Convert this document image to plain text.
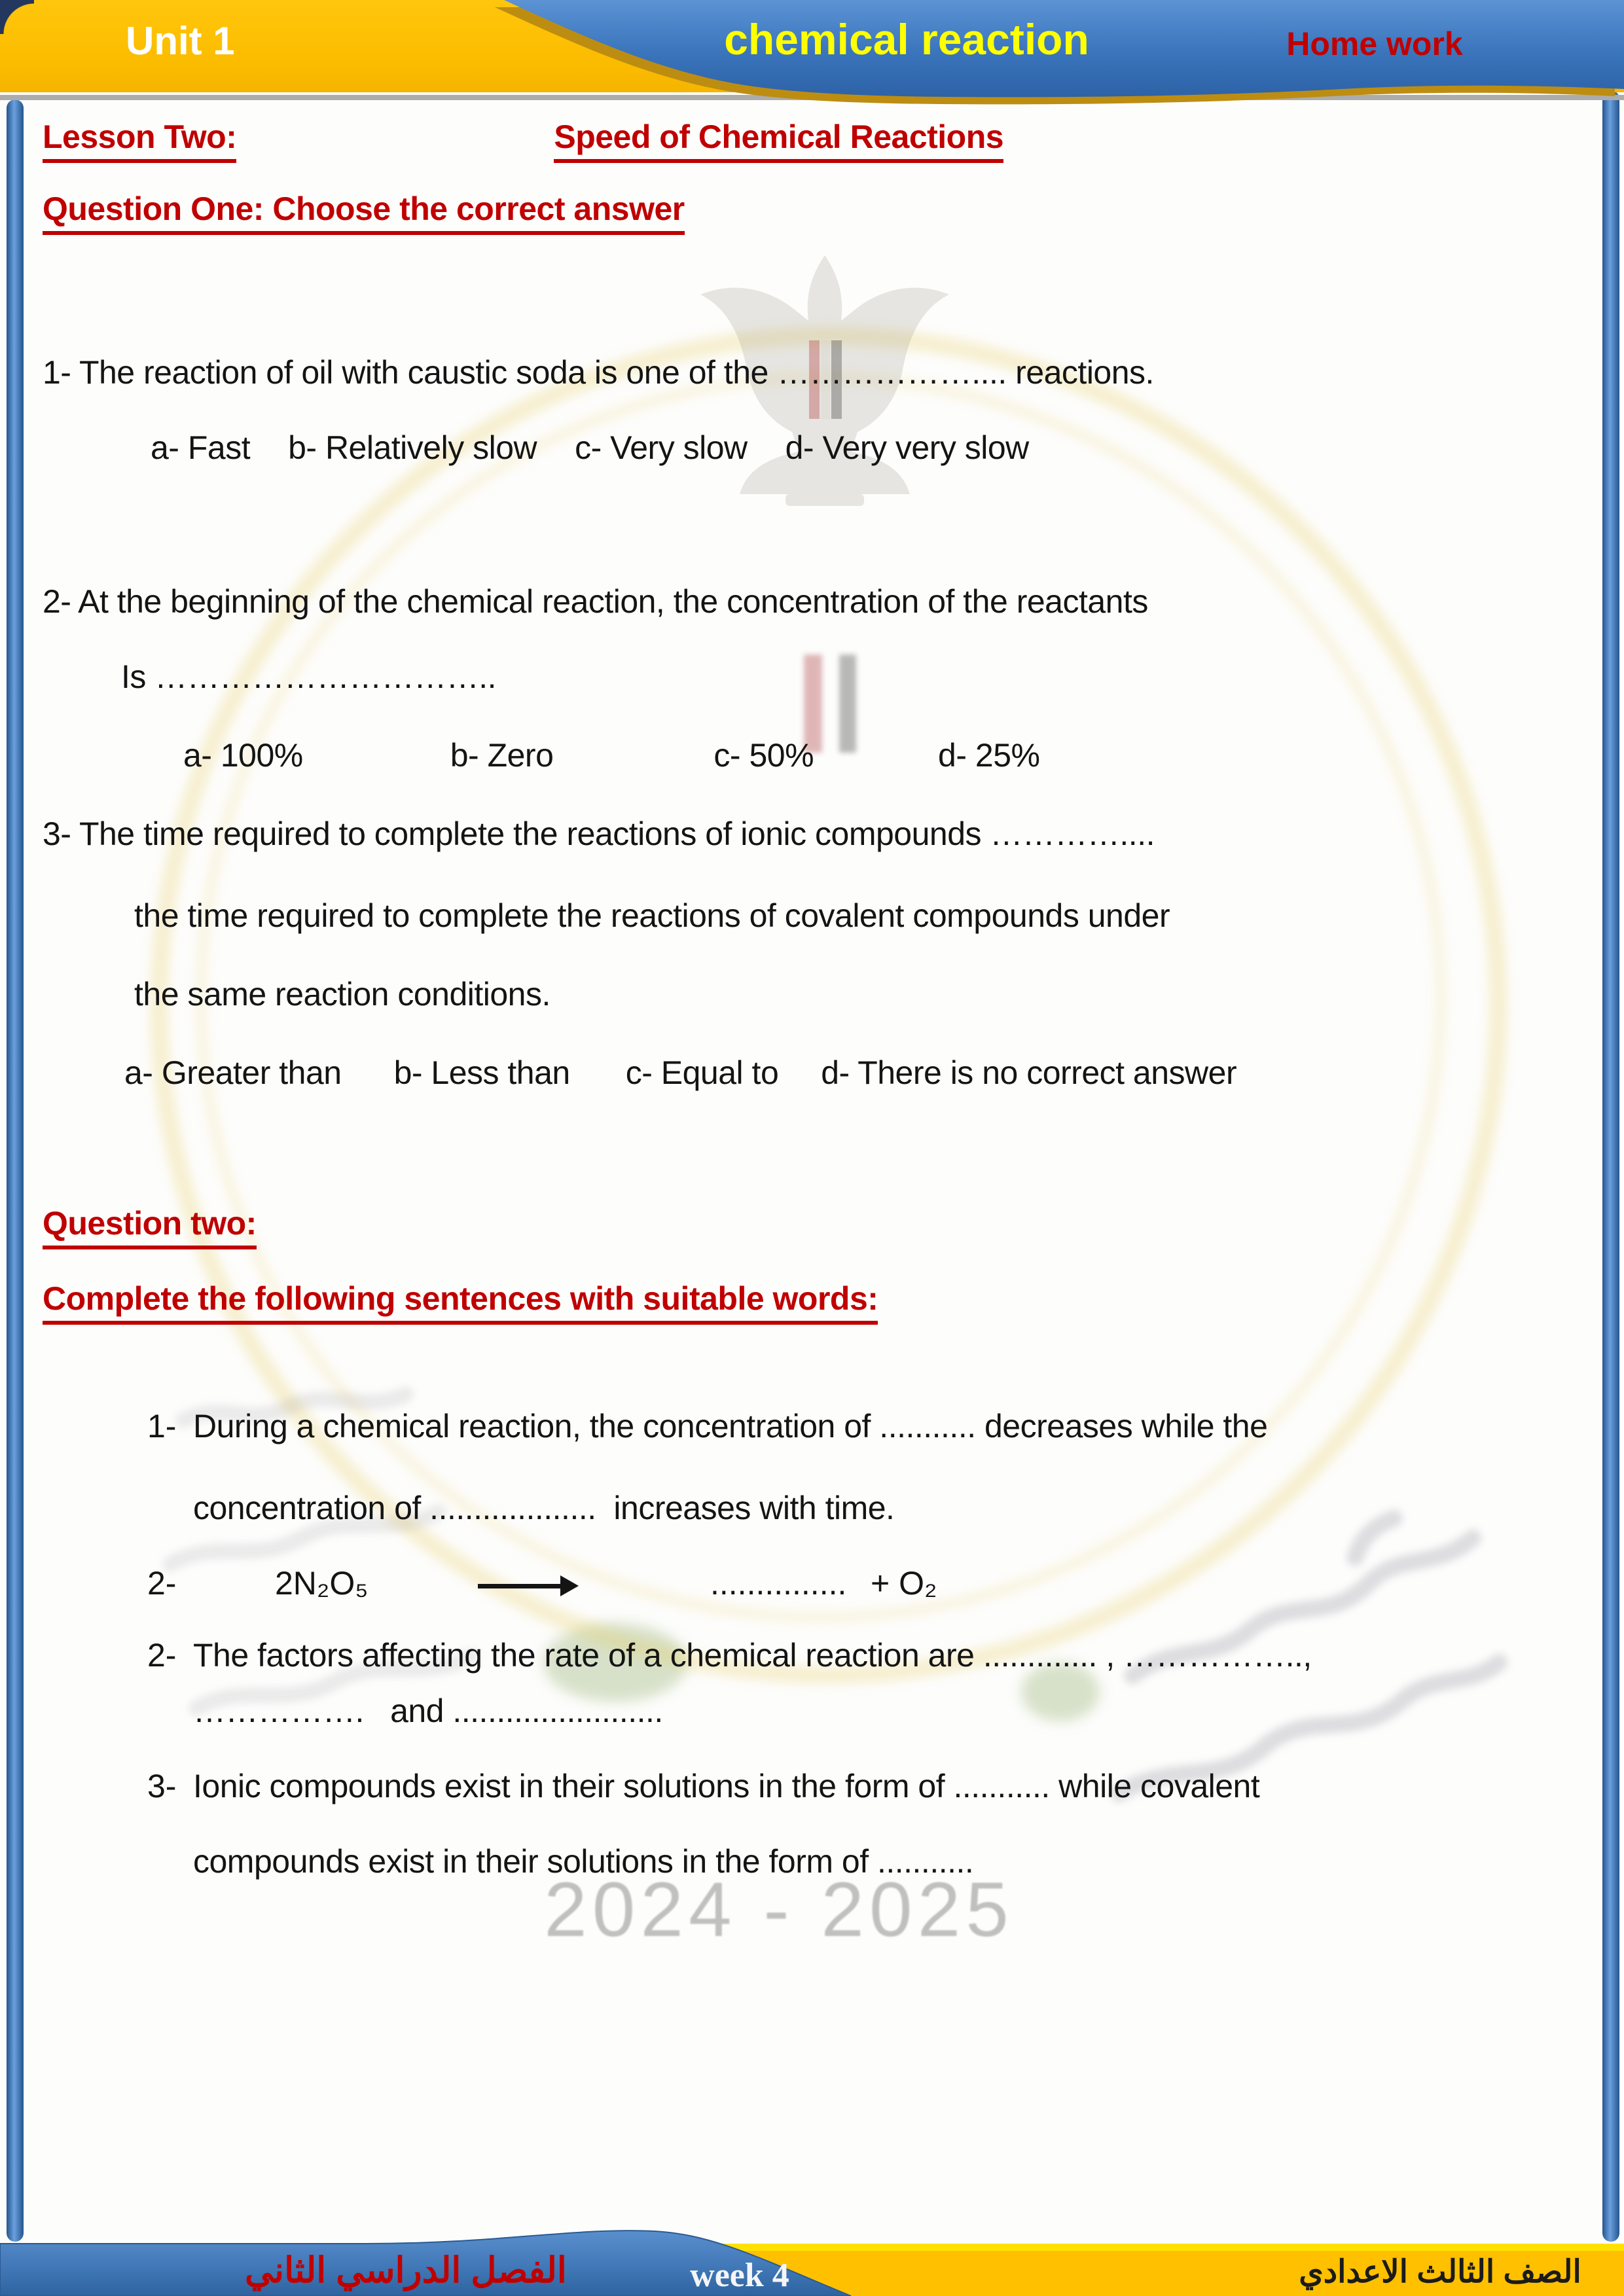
2024 - 2025
Unit 1	chemical reaction	Home work
Lesson Two:	Speed of Chemical Reactions
Question One: Choose the correct answer
1- The reaction of oil with caustic soda is one of the ……………….... reactions.
a- Fast b- Relatively slow c- Very slow d- Very very slow
2- At the beginning of the chemical reaction, the concentration of the reactants
Is …………………………..
a- 100%	b- Zero	c- 50%	d- 25%
3- The time required to complete the reactions of ionic compounds …………....
the time required to complete the reactions of covalent compounds under
the same reaction conditions.
a- Greater than b- Less than c- Equal to d- There is no correct answer
Question two:
Complete the following sentences with suitable words:
1- During a chemical reaction, the concentration of ........... decreases while the
concentration of ...................  increases with time.
2-	2N₂O₅	............... + O₂
2- The factors affecting the rate of a chemical reaction are ............. , ……………..,
…………….   and ........................
3- Ionic compounds exist in their solutions in the form of ........... while covalent
compounds exist in their solutions in the form of ...........
الفصل الدراسي الثاني	week 4	الصف الثالث الاعدادي
